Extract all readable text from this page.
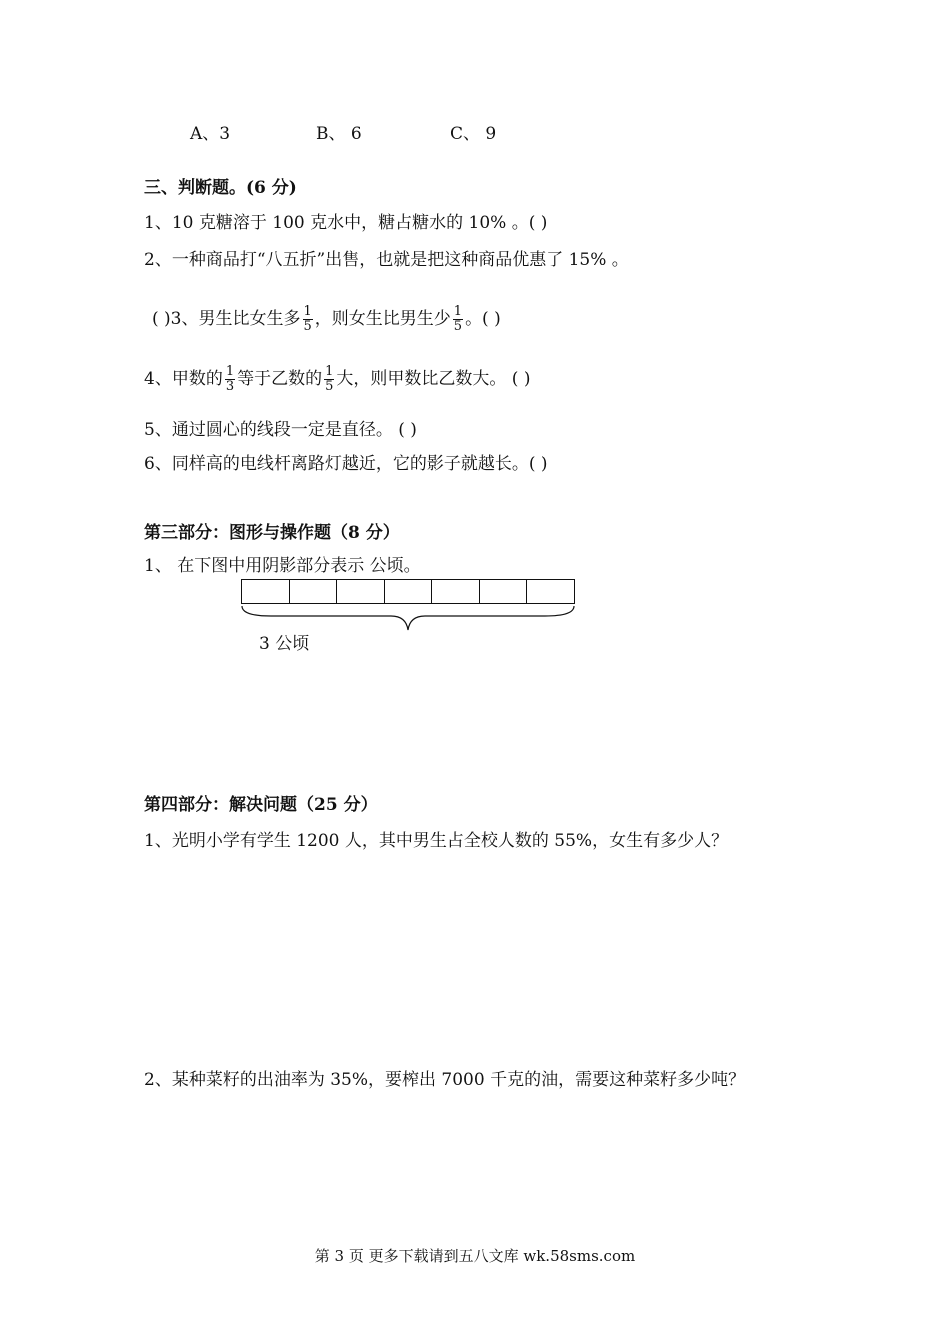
A、3	B、 6	C、 9
三、判断题。(6 分)
1、10 克糖溶于 100 克水中，糖占糖水的 10% 。( )
2、一种商品打“八五折”出售，也就是把这种商品优惠了 15% 。
( )3、男生比女生多 $\frac{1}{5}$ ，则女生比男生少 $\frac{1}{5}$ 。( )
4、甲数的 $\frac{1}{3}$ 等于乙数的 $\frac{1}{5}$ 大，则甲数比乙数大。 ( )
5、通过圆心的线段一定是直径。 ( )
6、同样高的电线杆离路灯越近，它的影子就越长。( )
第三部分：图形与操作题（8 分）
1、 在下图中用阴影部分表示 公顷。
3 公顷
第四部分：解决问题（25 分）
1、光明小学有学生 1200 人，其中男生占全校人数的 55%，女生有多少人？
2、某种菜籽的出油率为 35%，要榨出 7000 千克的油，需要这种菜籽多少吨？
第 3 页 更多下载请到五八文库 wk.58sms.com
